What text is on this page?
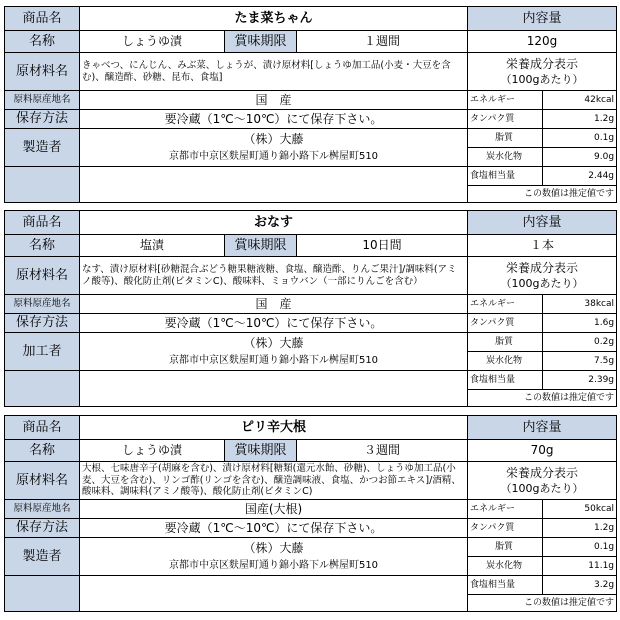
商品名	たま菜ちゃん			内容量	
名称	しょうゆ漬	賞味期限	１週間	120g	
原材料名	きゃべつ、にんじん、みぶ菜、しょうが、漬け原材料[しょうゆ加工品(小麦・大豆を含む)、醸造酢、砂糖、昆布、食塩]			栄養成分表示
（100gあたり）	
原料原産地名	国　産			エネルギー	42kcal
保存方法	要冷蔵（1℃～10℃）にて保存下さい。			タンパク質	1.2g
製造者	（株）大藤
京都市中京区麩屋町通り錦小路下ル桝屋町510			脂質	0.1g
				炭水化物	9.0g
				食塩相当量	2.44g
				この数値は推定値です	
商品名	おなす			内容量	
名称	塩漬	賞味期限	10日間	１本	
原材料名	なす、漬け原材料[砂糖混合ぶどう糖果糖液糖、食塩、醸造酢、りんご果汁]/調味料(アミノ酸等)、酸化防止剤(ビタミンC)、酸味料、ミョウバン（一部にりんごを含む）			栄養成分表示
（100gあたり）	
原料原産地名	国　産			エネルギー	38kcal
保存方法	要冷蔵（1℃～10℃）にて保存下さい。			タンパク質	1.6g
加工者	（株）大藤
京都市中京区麩屋町通り錦小路下ル桝屋町510			脂質	0.2g
				炭水化物	7.5g
				食塩相当量	2.39g
				この数値は推定値です	
商品名	ピリ辛大根			内容量	
名称	しょうゆ漬	賞味期限	３週間	70g	
原材料名	大根、七味唐辛子(胡麻を含む)、漬け原材料[糖類(還元水飴、砂糖)、しょうゆ加工品(小麦、大豆を含む)、リンゴ酢(リンゴを含む)、醸造調味液、食塩、かつお節エキス]/酒精、酸味料、調味料(アミノ酸等)、酸化防止剤(ビタミンC)			栄養成分表示
（100gあたり）	
原料原産地名	国産(大根)			エネルギー	50kcal
保存方法	要冷蔵（1℃～10℃）にて保存下さい。			タンパク質	1.2g
製造者	（株）大藤
京都市中京区麩屋町通り錦小路下ル桝屋町510			脂質	0.1g
				炭水化物	11.1g
				食塩相当量	3.2g
				この数値は推定値です	
